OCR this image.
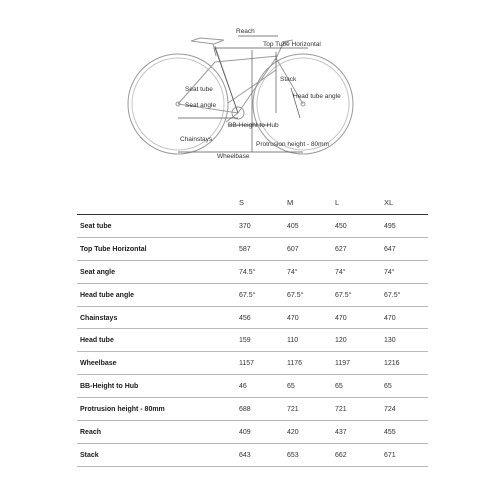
Reach
Top Tube Horizontal
Stack
Seat tube
Seat angle
Head tube angle
BB-Height to Hub
Chainstays
Protrusion height - 80mm
Wheelbase
S	M	L	XL
Seat tube	370	405	450	495
Top Tube Horizontal	587	607	627	647
Seat angle	74.5°	74°	74°	74°
Head tube angle	67.5°	67.5°	67.5°	67.5°
Chainstays	456	470	470	470
Head tube	159	110	120	130
Wheelbase	1157	1176	1197	1216
BB-Height to Hub	46	65	65	65
Protrusion height - 80mm	688	721	721	724
Reach	409	420	437	455
Stack	643	653	662	671
